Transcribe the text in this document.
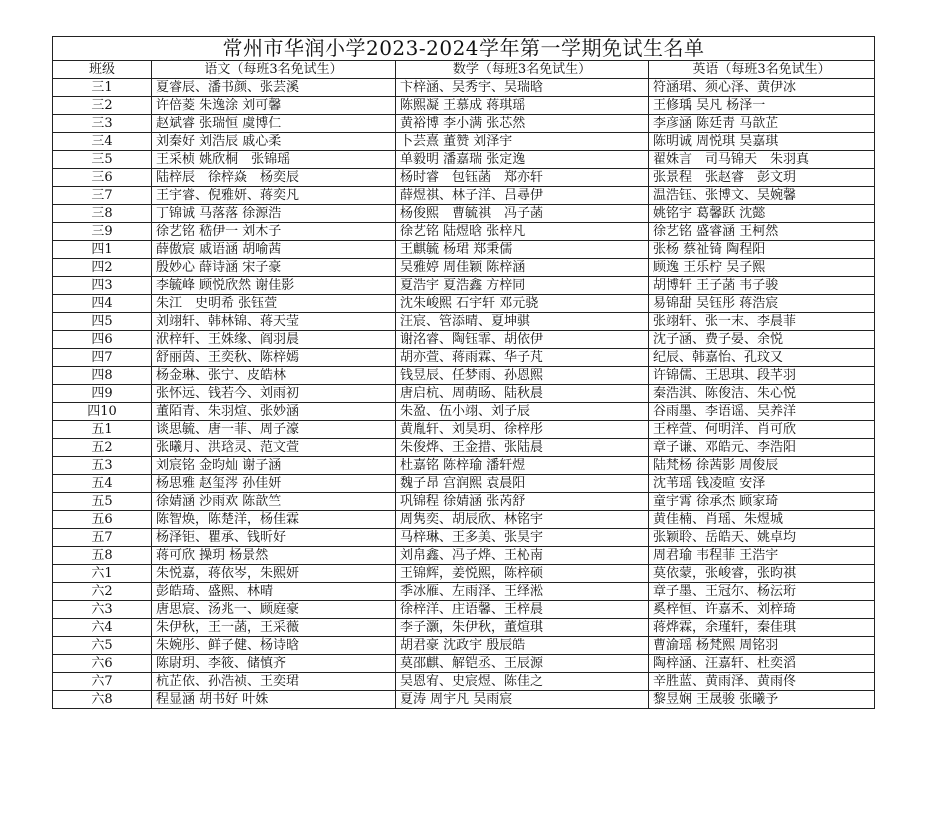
常州市华润小学2023-2024学年第一学期免试生名单			
班级	语文（每班3名免试生）	数学（每班3名免试生）	英语（每班3名免试生）
三1	夏睿辰、潘书颜、张芸溪	卞梓涵、吴秀宇、吴瑞晗	符涵珺、须心泽、黄伊冰
三2	许倍菱 朱逸涂 刘可馨	陈熙凝 王慕成 蒋琪瑶	王修瑀 吴凡 杨泽一
三3	赵斌睿 张瑞恒 虞博仁	黄裕博 李小满 张芯然	李彦涵 陈廷靑 马歆芷
三4	刘秦好 刘浩辰 戚心柔	卜芸熹 董赞 刘泽宇	陈明诚 周悦琪 吴嘉琪
三5	王采桢 姚欣桐　张锦瑶	单毅明 潘嘉瑞 张定逸	翟姝言　司马锦天　朱羽真
三6	陆梓辰　徐梓焱　杨奕辰	杨时睿　包钰菡　郑亦轩	张景程　张赵睿　彭文玥
三7	王宇睿、倪雅妍、蒋奕凡	薛煜祺、林子洋、吕尋伊	温浩钰、张博文、吴婉馨
三8	丁锦诚 马落落 徐源浩	杨俊熙　曹毓祺　冯子菡	姚铭宇 葛馨跃 沈懿
三9	徐艺铭 嵇伊一 刘木子	徐艺铭 陆煜晗 张梓凡	徐艺铭 盛睿涵 王柯然
四1	薛傲宸 戚语涵 胡喻茜	王麒毓 杨珺 郑秉儒	张杨 蔡祉锜 陶程阳
四2	殷妙心 薛诗涵 宋子豪	吴雅婷 周佳颖 陈梓涵	顾逸 王乐柠 吴子熙
四3	李毓峰 顾悦欣然 谢佳影	夏浩宇 夏浩鑫 方梓同	胡博轩 王子菡 韦子骏
四4	朱江　史明希 张钰萱	沈朱峻熙 石宇轩 邓元骁	易锦甜 吴钰彤 蒋浩宸
四5	刘翊轩、韩林锦、蒋天莹	汪宸、管添晴、夏坤骐	张翊轩、张一末、李晨菲
四6	洑梓轩、王姝缘、阎羽晨	谢洺睿、陶钰霏、胡依伊	沈子涵、费子晏、余悦
四7	舒丽茵、王奕秋、陈梓嫣	胡亦萱、蒋雨霖、华子芃	纪辰、韩嘉怡、孔玟又
四8	杨金琳、张宁、皮皓林	钱昱辰、任梦雨、孙恩熙	许锦儒、王思琪、段芊羽
四9	张怀远、钱若今、刘雨初	唐启杭、周萌旸、陆秋晨	秦浩淇、陈俊洁、朱心悦
四10	董陌青、朱羽煊、张妙涵	朱盈、伍小翊、刘子辰	谷雨墨、李语谣、吴养洋
五1	谈思毓、唐一菲、周子濠	黄胤轩、刘昊玥、徐梓彤	王梓萱、何明洋、肖可欣
五2	张曦月、洪琀灵、范文萱	朱俊烨、王金措、张陆晨	章子谦、邓皓元、李浩阳
五3	刘宸铭 金昀灿 谢子涵	杜嘉铭 陈梓瑜 潘轩煜	陆梵杨 徐茜影 周俊辰
五4	杨思雅 赵玺涔 孙佳妍	魏子昂 宫润熙 袁晨阳	沈苇瑶 钱凌暄 安泽
五5	徐婧涵 沙雨欢 陈歆竺	巩锦程 徐婧涵 张芮舒	童宇霄 徐承杰 顾家琦
五6	陈智焕，陈楚洋，杨佳霖	周隽奕、胡辰欣、林铭宇	黄佳楠、肖瑶、朱煜城
五7	杨泽钜、瞿承、钱昕好	马梓琳、王多美、张昊宇	张颖聆、岳皓天、姚卓均
五8	蒋可欣 操玥 杨景然	刘帛鑫、冯子烨、王杺南	周君瑜 韦程菲 王浩宇
六1	朱悦嘉，蒋依岑，朱熙妍	王锦辉，姜悦熙，陈梓硕	莫依蒙，张峻睿，张昀祺
六2	彭皓琦、盛熙、林晴	季冰雁、左雨泽、王绎淞	章子墨、王冠尔、杨沄珩
六3	唐思宸、汤兆一、顾庭豪	徐梓洋、庄语馨、王梓晨	奚梓恒、许嘉禾、刘梓琦
六4	朱伊秋，王一菡，王采薇	李子灏，朱伊秋，董煊琪	蒋烨霖，余瑾轩，秦佳琪
六5	朱婉彤、鲜子健、杨诗晗	胡君豪 沈政宇 殷辰皓	曹渝瑶 杨梵熙 周铭羽
六6	陈尉玥、李筱、储慎齐	莫邵麒、解铠丞、王辰源	陶梓涵、汪嘉轩、杜奕滔
六7	杭芷依、孙浩祯、王奕珺	吴恩宥、史宸煜、陈佳之	辛胜蓝、黄雨泽、黄雨佟
六8	程显涵 胡书好 叶姝	夏涛 周宇凡 吴雨宸	黎昱娴 王晟骏 张曦予
